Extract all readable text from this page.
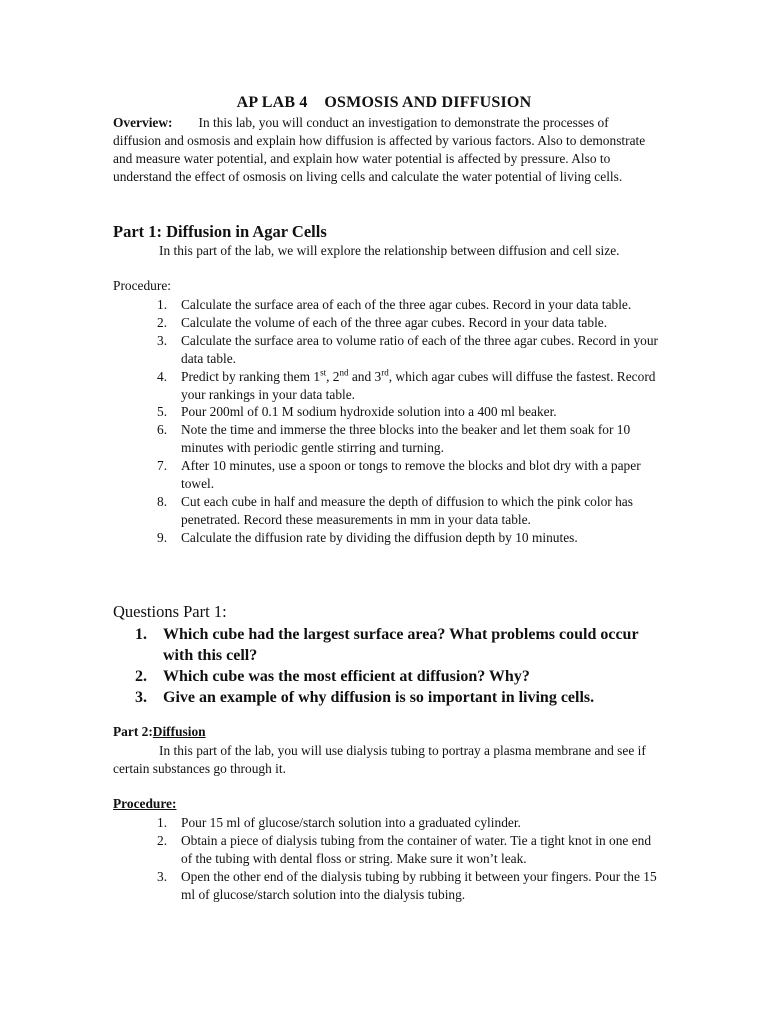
AP LAB 4    OSMOSIS AND DIFFUSION
Overview: In this lab, you will conduct an investigation to demonstrate the processes of diffusion and osmosis and explain how diffusion is affected by various factors. Also to demonstrate and measure water potential, and explain how water potential is affected by pressure. Also to understand the effect of osmosis on living cells and calculate the water potential of living cells.
Part 1: Diffusion in Agar Cells
In this part of the lab, we will explore the relationship between diffusion and cell size.
Procedure:
1.	Calculate the surface area of each of the three agar cubes. Record in your data table.
2.	Calculate the volume of each of the three agar cubes. Record in your data table.
3.	Calculate the surface area to volume ratio of each of the three agar cubes. Record in your data table.
4.	Predict by ranking them 1st, 2nd and 3rd, which agar cubes will diffuse the fastest. Record your rankings in your data table.
5.	Pour 200ml of 0.1 M sodium hydroxide solution into a 400 ml beaker.
6.	Note the time and immerse the three blocks into the beaker and let them soak for 10 minutes with periodic gentle stirring and turning.
7.	After 10 minutes, use a spoon or tongs to remove the blocks and blot dry with a paper towel.
8.	Cut each cube in half and measure the depth of diffusion to which the pink color has penetrated. Record these measurements in mm in your data table.
9.	Calculate the diffusion rate by dividing the diffusion depth by 10 minutes.
Questions Part 1:
1.	Which cube had the largest surface area? What problems could occur with this cell?
2.	Which cube was the most efficient at diffusion? Why?
3.	Give an example of why diffusion is so important in living cells.
Part 2:Diffusion
In this part of the lab, you will use dialysis tubing to portray a plasma membrane and see if certain substances go through it.
Procedure:
1.	Pour 15 ml of glucose/starch solution into a graduated cylinder.
2.	Obtain a piece of dialysis tubing from the container of water. Tie a tight knot in one end of the tubing with dental floss or string. Make sure it won’t leak.
3.	Open the other end of the dialysis tubing by rubbing it between your fingers. Pour the 15 ml of glucose/starch solution into the dialysis tubing.
